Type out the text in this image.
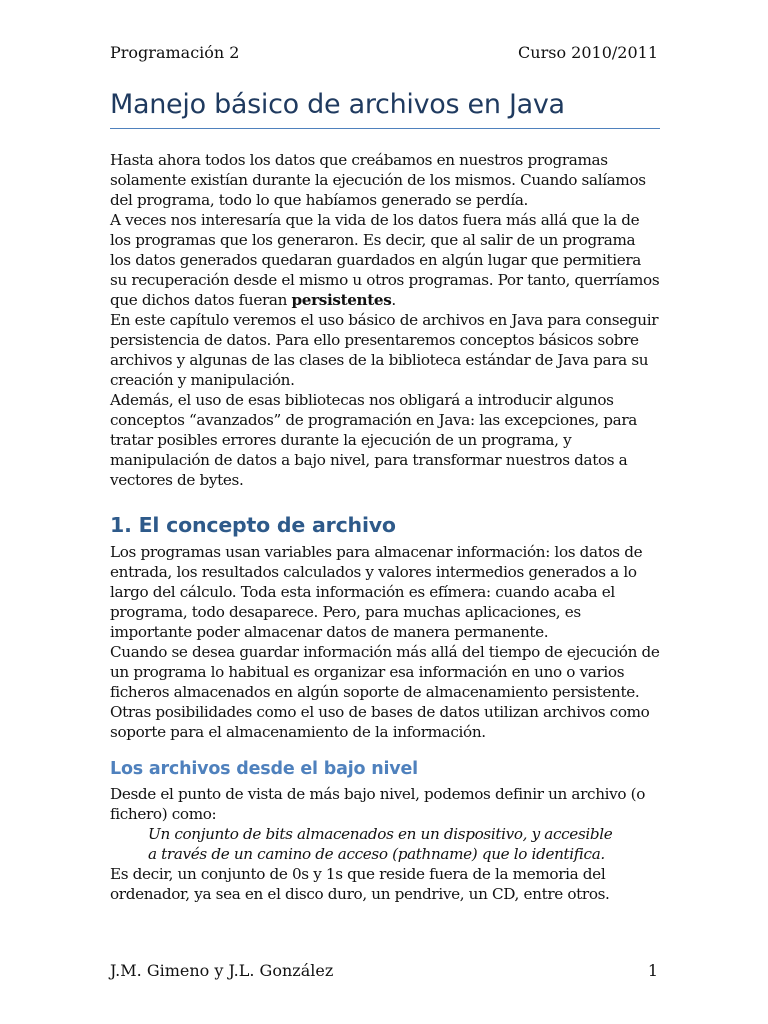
Programación 2	Curso 2010/2011
Manejo básico de archivos en Java

Hasta ahora todos los datos que creábamos en nuestros programas solamente existían durante la ejecución de los mismos. Cuando salíamos del programa, todo lo que habíamos generado se perdía.

A veces nos interesaría que la vida de los datos fuera más allá que la de los programas que los generaron. Es decir, que al salir de un programa los datos generados quedaran guardados en algún lugar que permitiera su recuperación desde el mismo u otros programas. Por tanto, querríamos que dichos datos fueran persistentes.

En este capítulo veremos el uso básico de archivos en Java para conseguir persistencia de datos. Para ello presentaremos conceptos básicos sobre archivos y algunas de las clases de la biblioteca estándar de Java para su creación y manipulación.

Además, el uso de esas bibliotecas nos obligará a introducir algunos conceptos “avanzados” de programación en Java: las excepciones, para tratar posibles errores durante la ejecución de un programa, y manipulación de datos a bajo nivel, para transformar nuestros datos a vectores de bytes.

1. El concepto de archivo

Los programas usan variables para almacenar información: los datos de entrada, los resultados calculados y valores intermedios generados a lo largo del cálculo. Toda esta información es efímera: cuando acaba el programa, todo desaparece. Pero, para muchas aplicaciones, es importante poder almacenar datos de manera permanente.

Cuando se desea guardar información más allá del tiempo de ejecución de un programa lo habitual es organizar esa información en uno o varios ficheros almacenados en algún soporte de almacenamiento persistente. Otras posibilidades como el uso de bases de datos utilizan archivos como soporte para el almacenamiento de la información.

Los archivos desde el bajo nivel

Desde el punto de vista de más bajo nivel, podemos definir un archivo (o fichero) como:

Un conjunto de bits almacenados en un dispositivo, y accesible

a través de un camino de acceso (pathname) que lo identifica.

Es decir, un conjunto de 0s y 1s que reside fuera de la memoria del ordenador, ya sea en el disco duro, un pendrive, un CD, entre otros.

J.M. Gimeno y J.L. González	1
